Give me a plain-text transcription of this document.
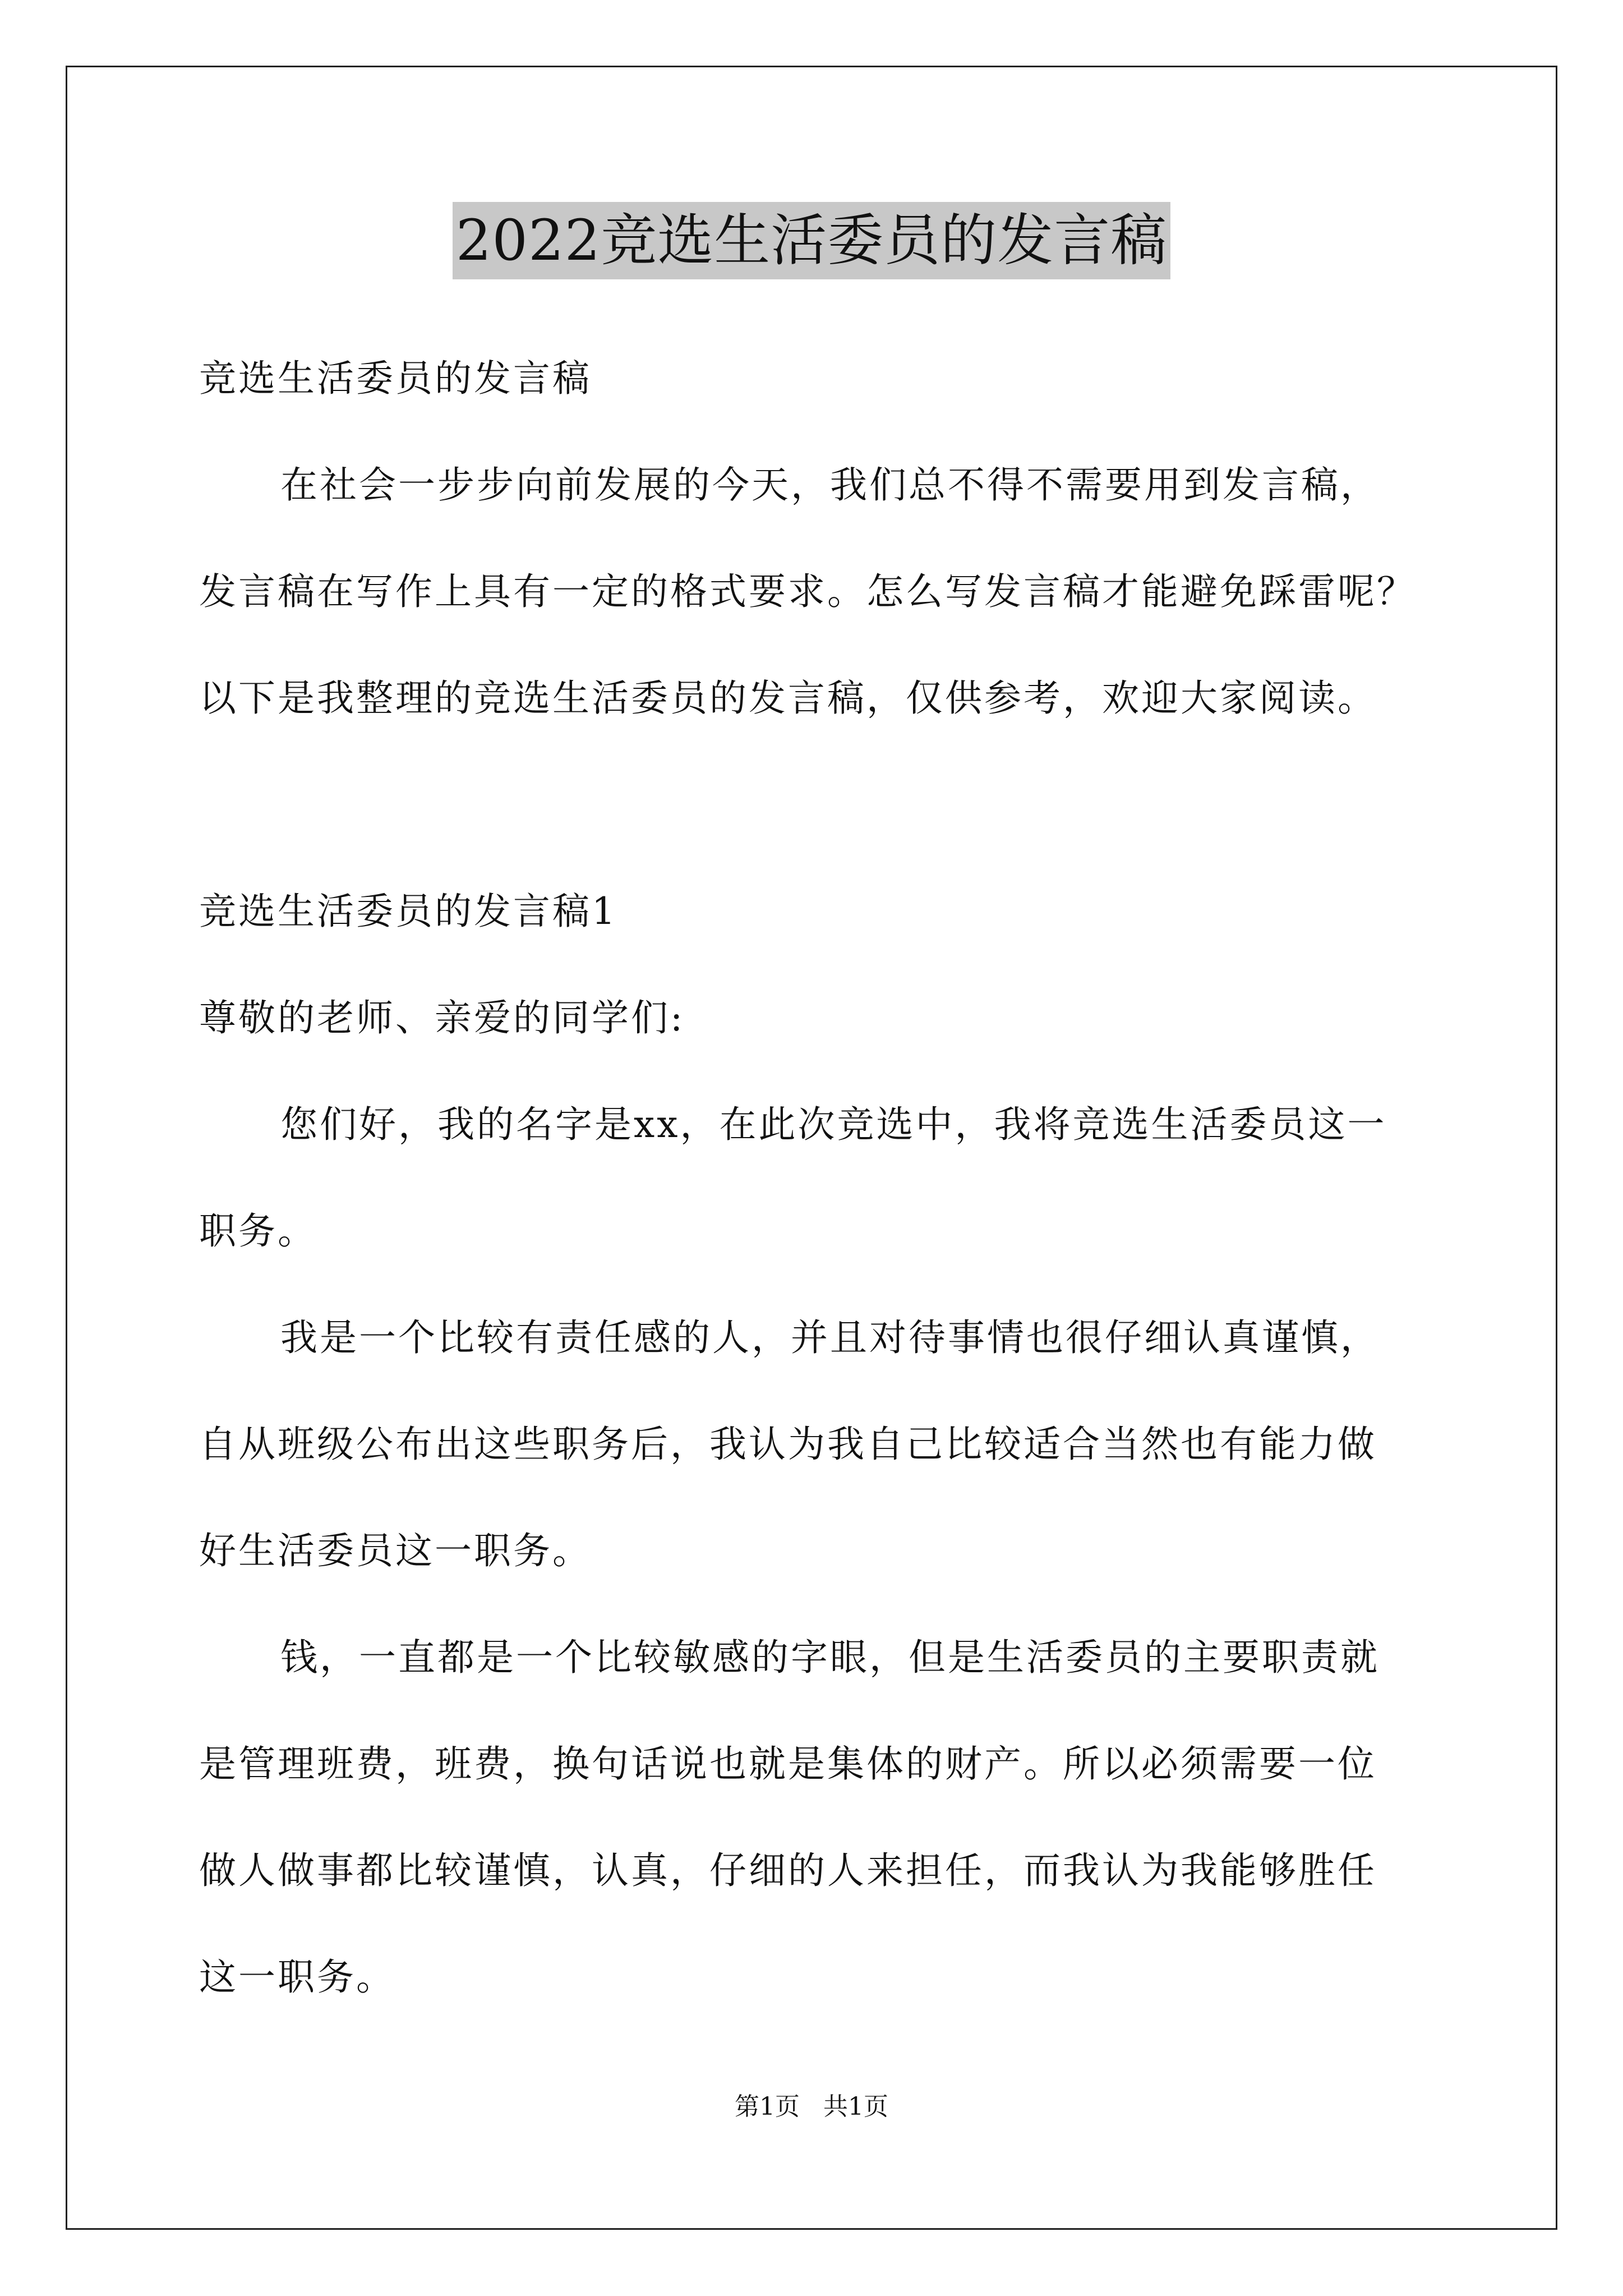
2022竞选生活委员的发言稿
竞选生活委员的发言稿
在社会一步步向前发展的今天，我们总不得不需要用到发言稿，
发言稿在写作上具有一定的格式要求。怎么写发言稿才能避免踩雷呢？
以下是我整理的竞选生活委员的发言稿，仅供参考，欢迎大家阅读。
竞选生活委员的发言稿1
尊敬的老师、亲爱的同学们:
您们好，我的名字是xx，在此次竞选中，我将竞选生活委员这一
职务。
我是一个比较有责任感的人，并且对待事情也很仔细认真谨慎，
自从班级公布出这些职务后，我认为我自己比较适合当然也有能力做
好生活委员这一职务。
钱，一直都是一个比较敏感的字眼，但是生活委员的主要职责就
是管理班费，班费，换句话说也就是集体的财产。所以必须需要一位
做人做事都比较谨慎，认真，仔细的人来担任，而我认为我能够胜任
这一职务。
第1页   共1页
